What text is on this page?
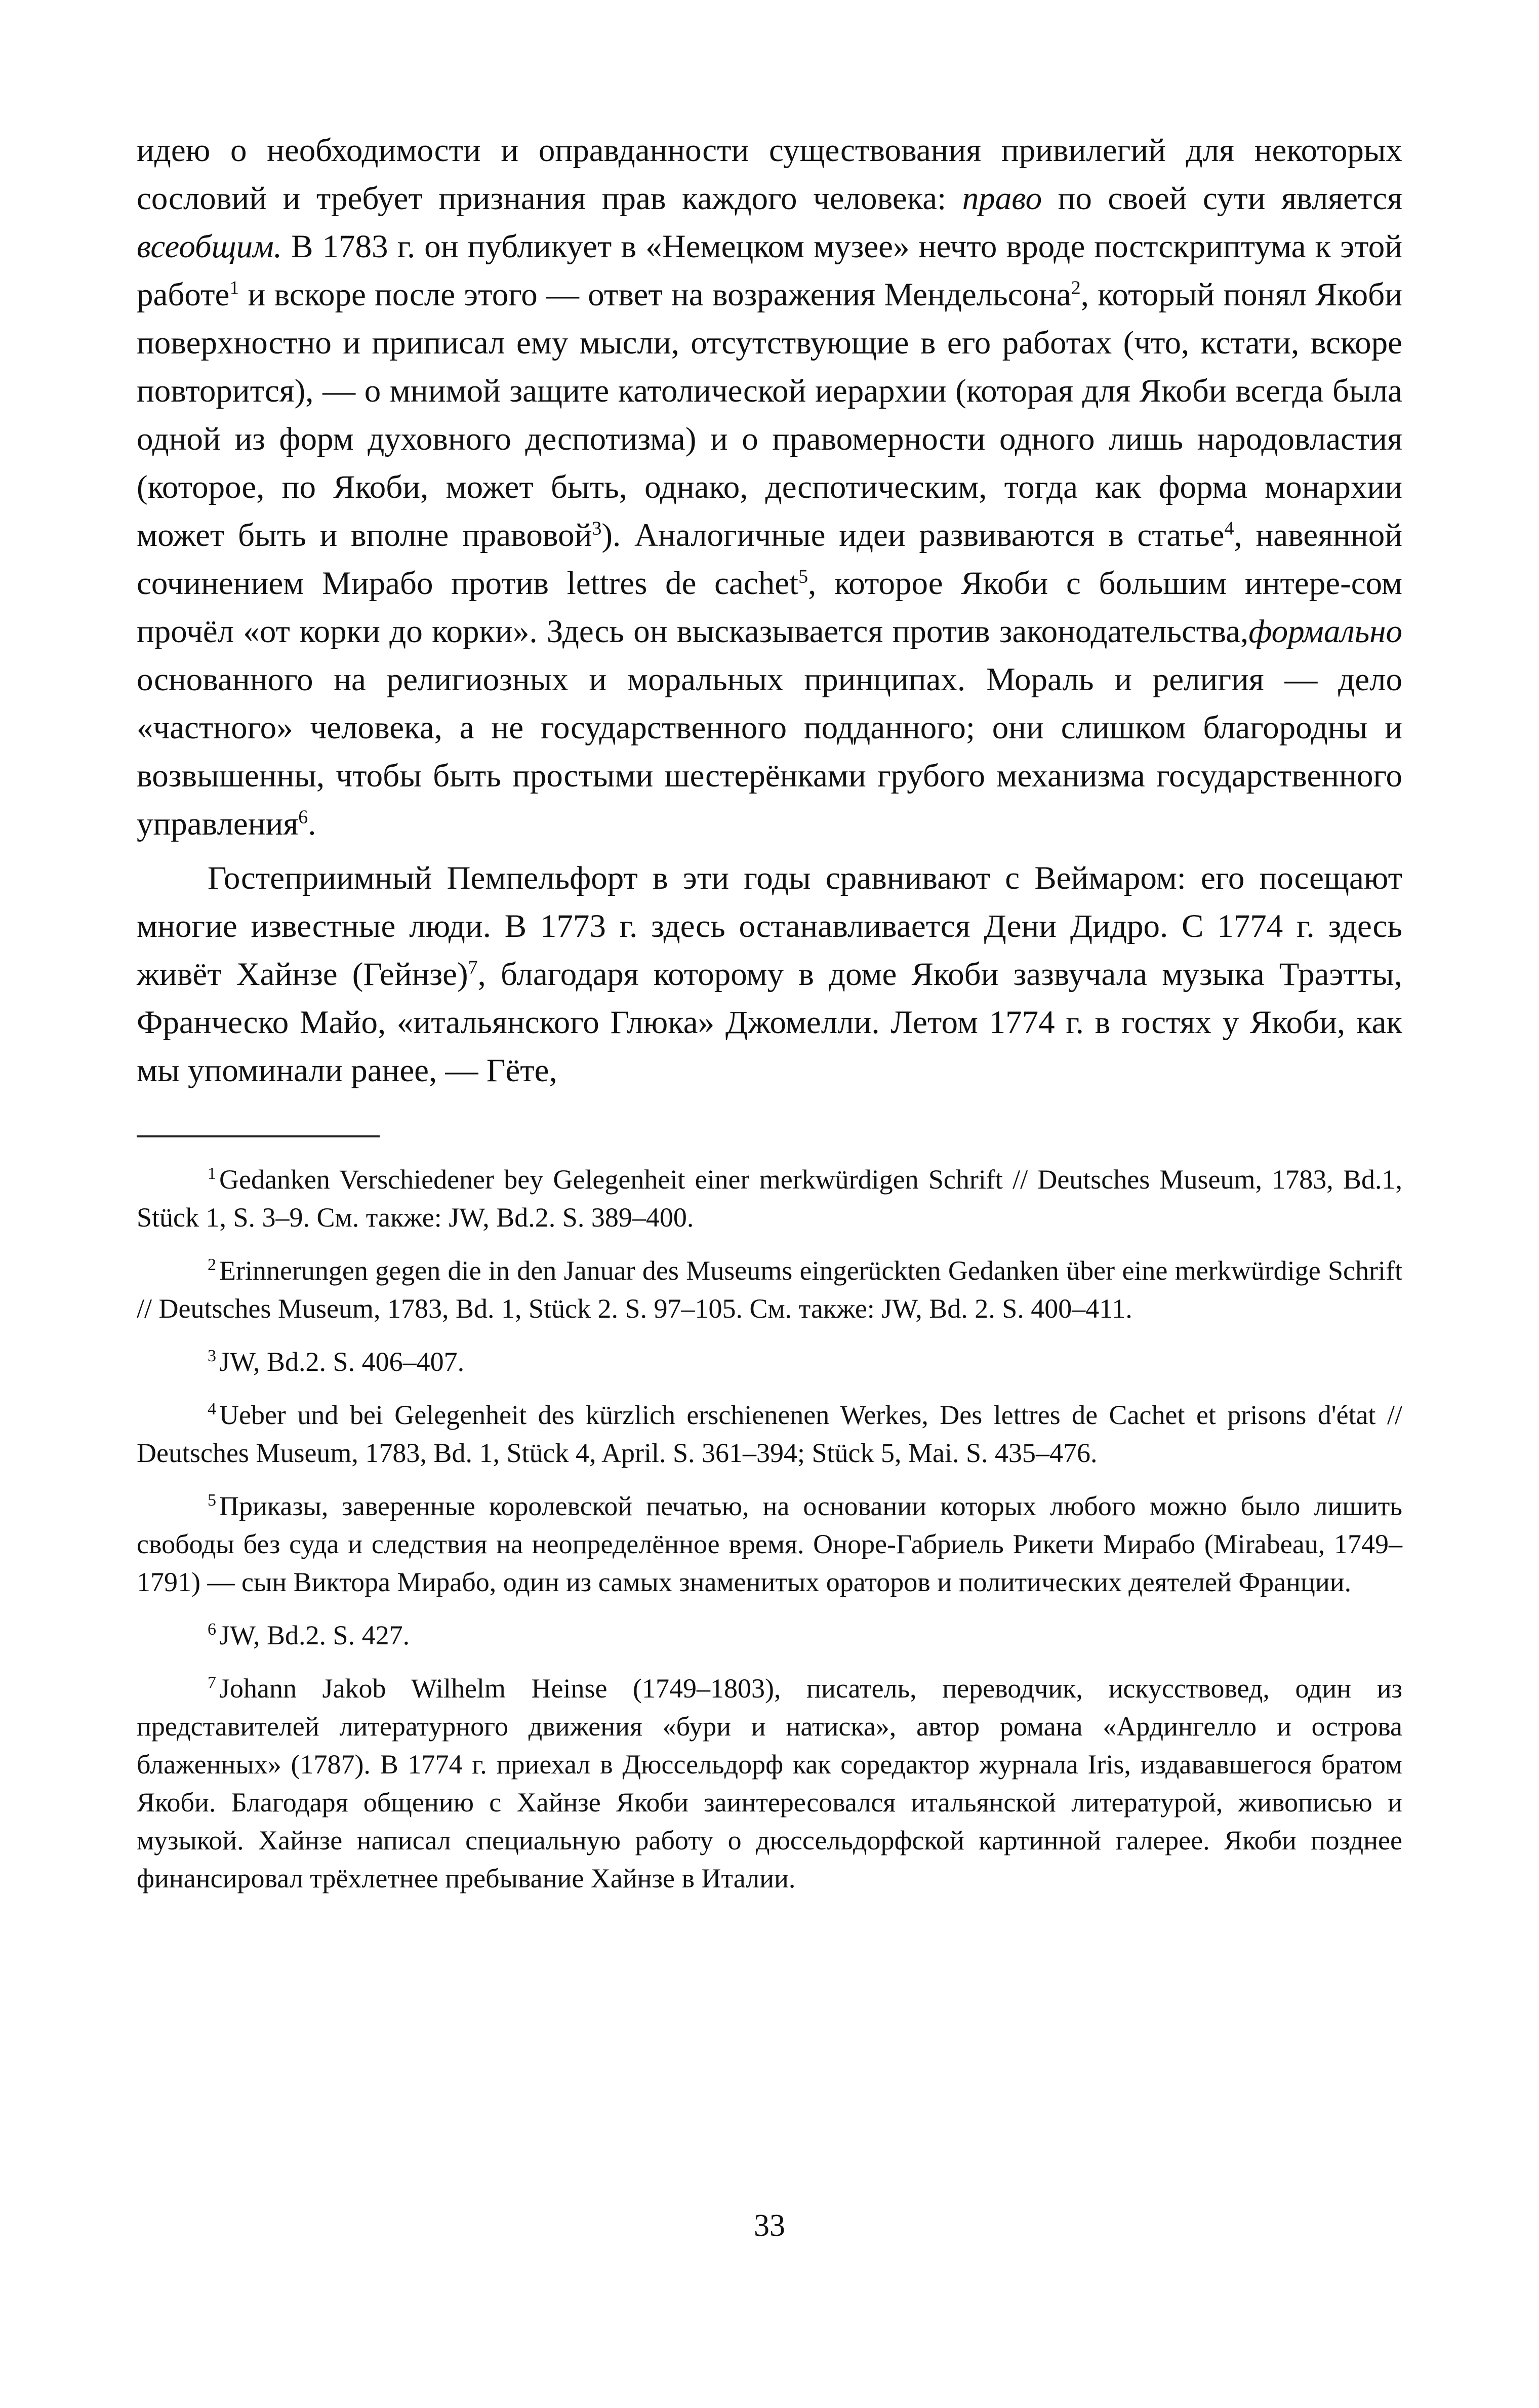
идею о необходимости и оправданности существования привилегий для некоторых сословий и требует признания прав каждого человека: право по своей сути является всеобщим. В 1783 г. он публикует в «Немецком музее» нечто вроде постскриптума к этой работе$^1$ и вскоре после этого — ответ на возражения Мендельсона$^2$, который понял Якоби поверхностно и приписал ему мысли, отсутствующие в его работах (что, кстати, вскоре повторится), — о мнимой защите католической иерархии (которая для Якоби всегда была одной из форм духовного деспотизма) и о правомерности одного лишь народовластия (которое, по Якоби, может быть, однако, деспотическим, тогда как форма монархии может быть и вполне правовой$^3$). Аналогичные идеи развиваются в статье$^4$, навеянной сочинением Мирабо против lettres de cachet$^5$, которое Якоби с большим интере-сом прочёл «от корки до корки». Здесь он высказывается против законодательства,формально основанного на религиозных и моральных принципах. Мораль и религия — дело «частного» человека, а не государственного подданного; они слишком благородны и возвышенны, чтобы быть простыми шестерёнками грубого механизма государственного управления$^6$.

Гостеприимный Пемпельфорт в эти годы сравнивают с Веймаром: его посещают многие известные люди. В 1773 г. здесь останавливается Дени Дидро. С 1774 г. здесь живёт Хайнзе (Гейнзе)$^7$, благодаря которому в доме Якоби зазвучала музыка Траэтты, Франческо Майо, «итальянского Глюка» Джомелли. Летом 1774 г. в гостях у Якоби, как мы упоминали ранее, — Гёте,

$^1$ Gedanken Verschiedener bey Gelegenheit einer merkwürdigen Schrift // Deutsches Museum, 1783, Bd.1, Stück 1, S. 3–9. См. также: JW, Bd.2. S. 389–400.

$^2$ Erinnerungen gegen die in den Januar des Museums eingerückten Gedanken über eine merkwürdige Schrift // Deutsches Museum, 1783, Bd. 1, Stück 2. S. 97–105. См. также: JW, Bd. 2. S. 400–411.

$^3$ JW, Bd.2. S. 406–407.

$^4$ Ueber und bei Gelegenheit des kürzlich erschienenen Werkes, Des lettres de Cachet et prisons d'état // Deutsches Museum, 1783, Bd. 1, Stück 4, April. S. 361–394; Stück 5, Mai. S. 435–476.

$^5$ Приказы, заверенные королевской печатью, на основании которых любого можно было лишить свободы без суда и следствия на неопределённое время. Оноре-Габриель Рикети Мирабо (Mirabeau, 1749–1791) — сын Виктора Мирабо, один из самых знаменитых ораторов и политических деятелей Франции.

$^6$ JW, Bd.2. S. 427.

$^7$ Johann Jakob Wilhelm Heinse (1749–1803), писатель, переводчик, искусствовед, один из представителей литературного движения «бури и натиска», автор романа «Ардингелло и острова блаженных» (1787). В 1774 г. приехал в Дюссельдорф как соредактор журнала Iris, издававшегося братом Якоби. Благодаря общению с Хайнзе Якоби заинтересовался итальянской литературой, живописью и музыкой. Хайнзе написал специальную работу о дюссельдорфской картинной галерее. Якоби позднее финансировал трёхлетнее пребывание Хайнзе в Италии.

33
